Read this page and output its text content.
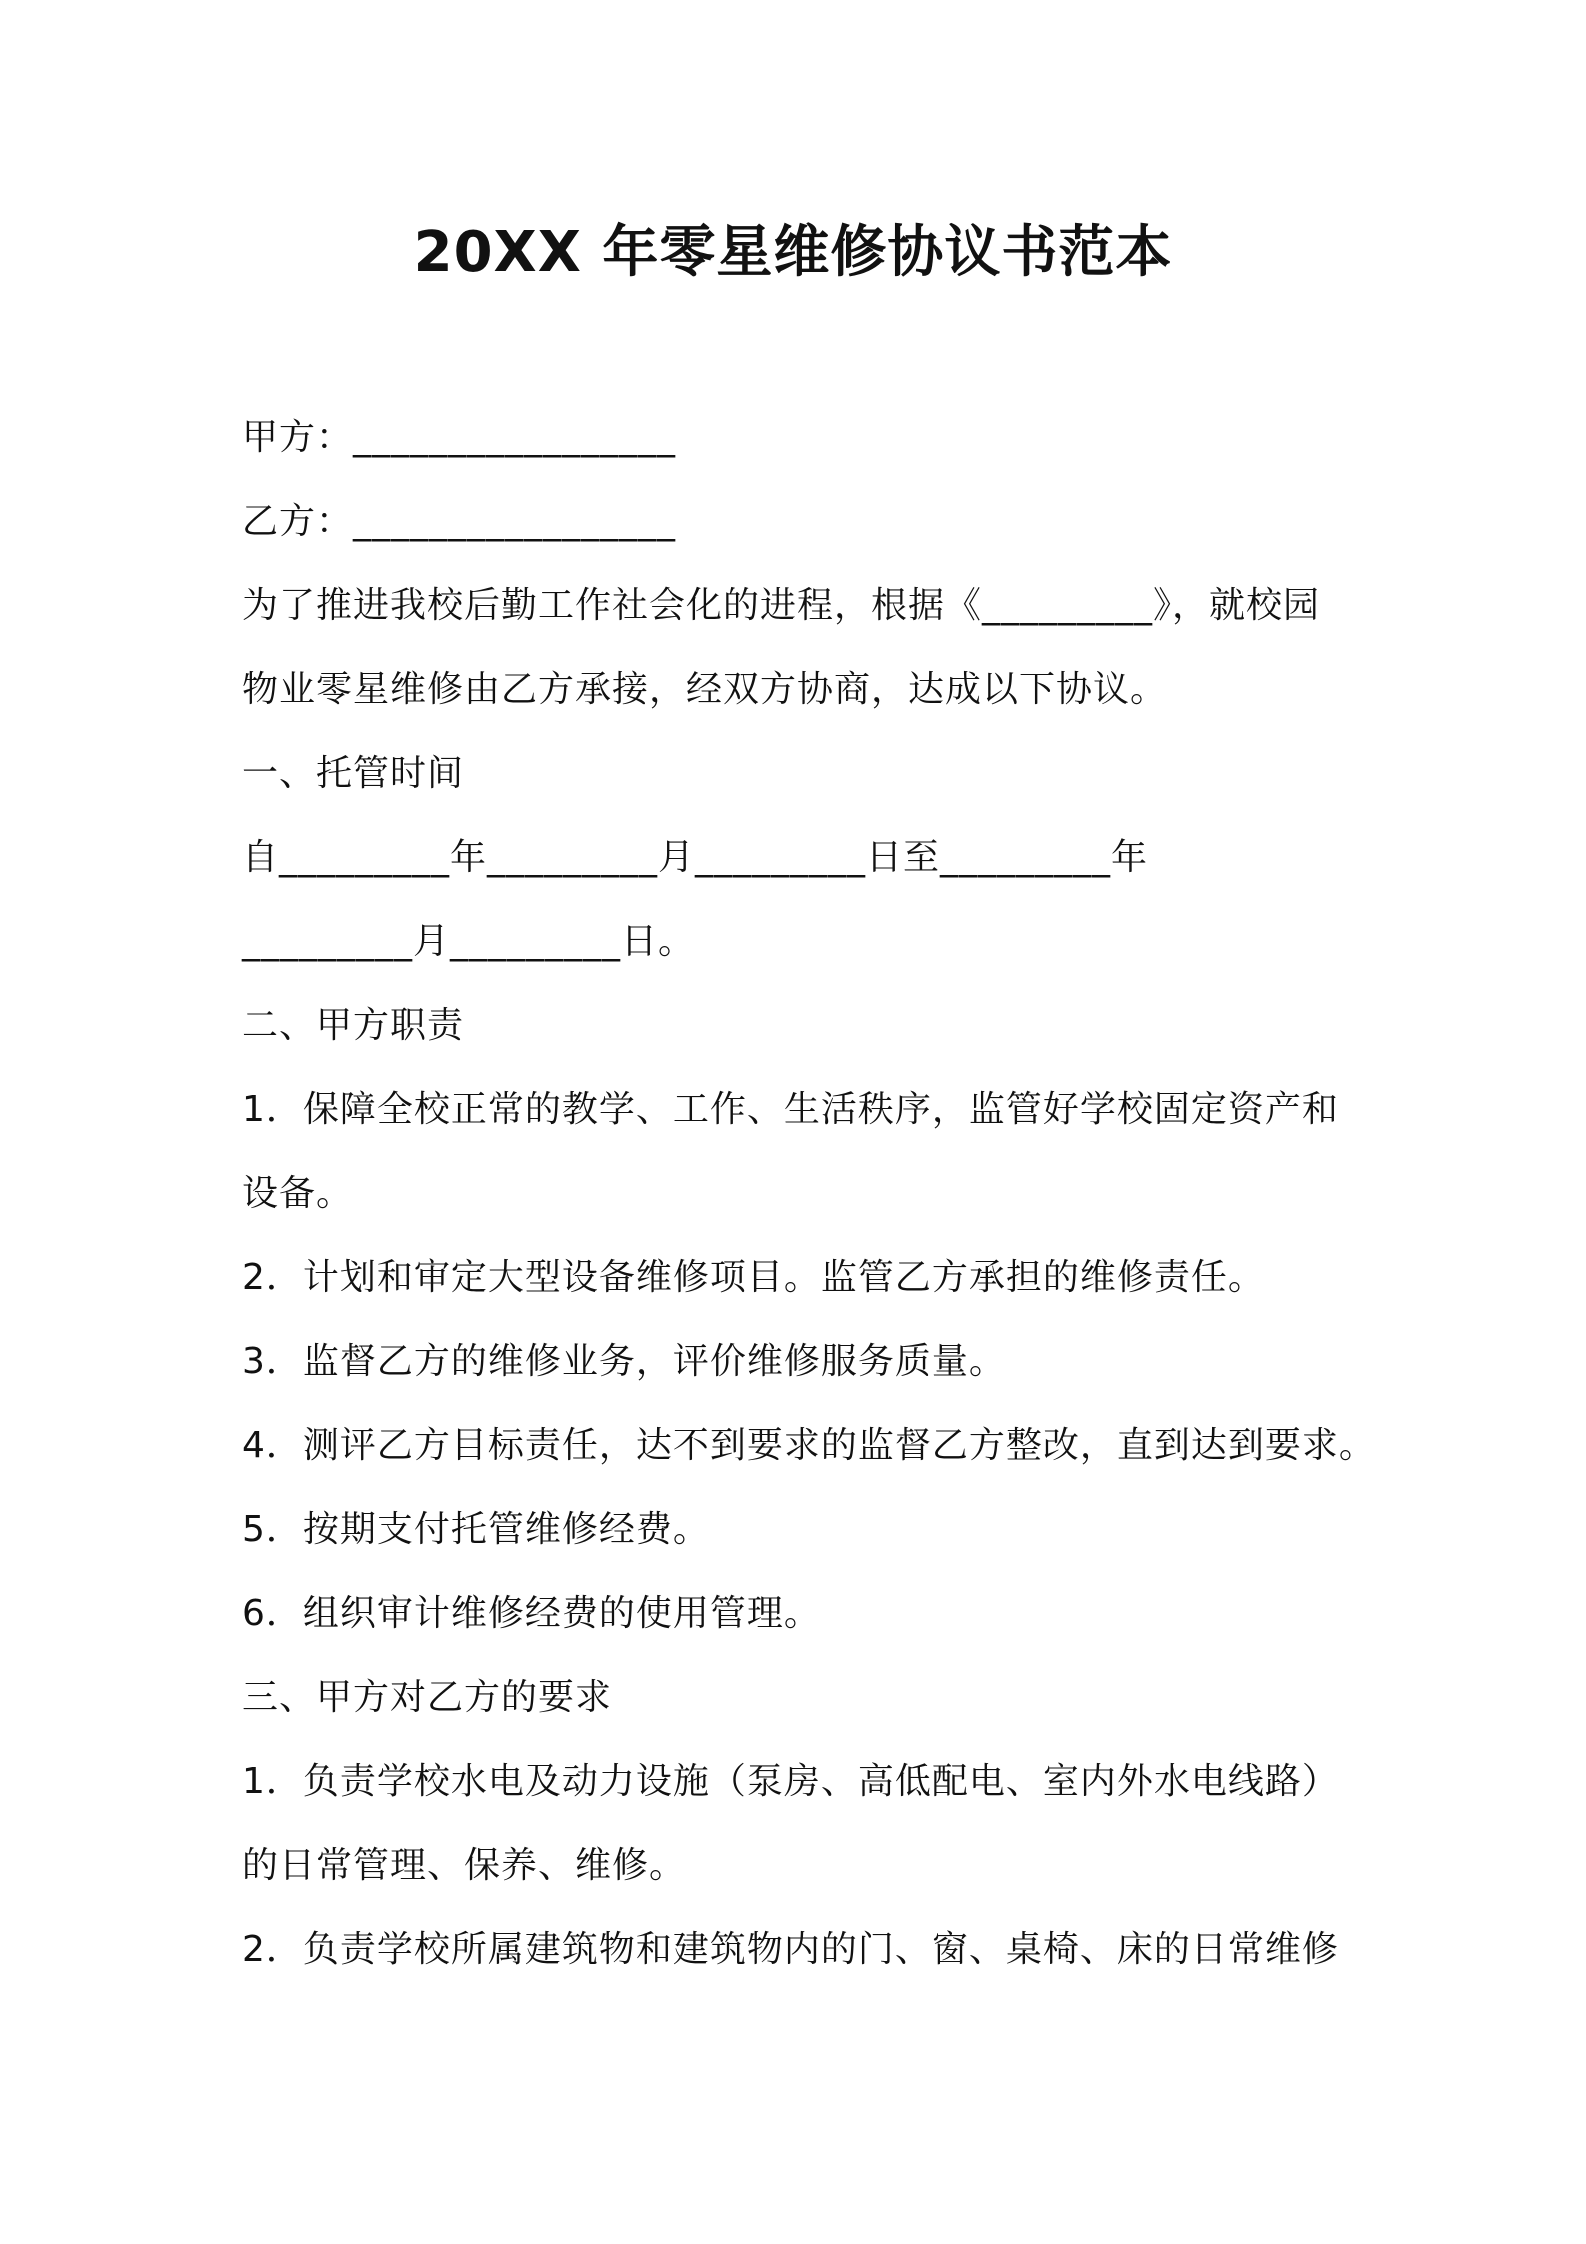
20XX 年零星维修协议书范本
甲方：_________________
乙方：_________________
为了推进我校后勤工作社会化的进程，根据《_________》，就校园
物业零星维修由乙方承接，经双方协商，达成以下协议。
一、托管时间
自_________年_________月_________日至_________年
_________月_________日。
二、甲方职责
1．保障全校正常的教学、工作、生活秩序，监管好学校固定资产和
设备。
2．计划和审定大型设备维修项目。监管乙方承担的维修责任。
3．监督乙方的维修业务，评价维修服务质量。
4．测评乙方目标责任，达不到要求的监督乙方整改，直到达到要求。
5．按期支付托管维修经费。
6．组织审计维修经费的使用管理。
三、甲方对乙方的要求
1．负责学校水电及动力设施（泵房、高低配电、室内外水电线路）
的日常管理、保养、维修。
2．负责学校所属建筑物和建筑物内的门、窗、桌椅、床的日常维修
